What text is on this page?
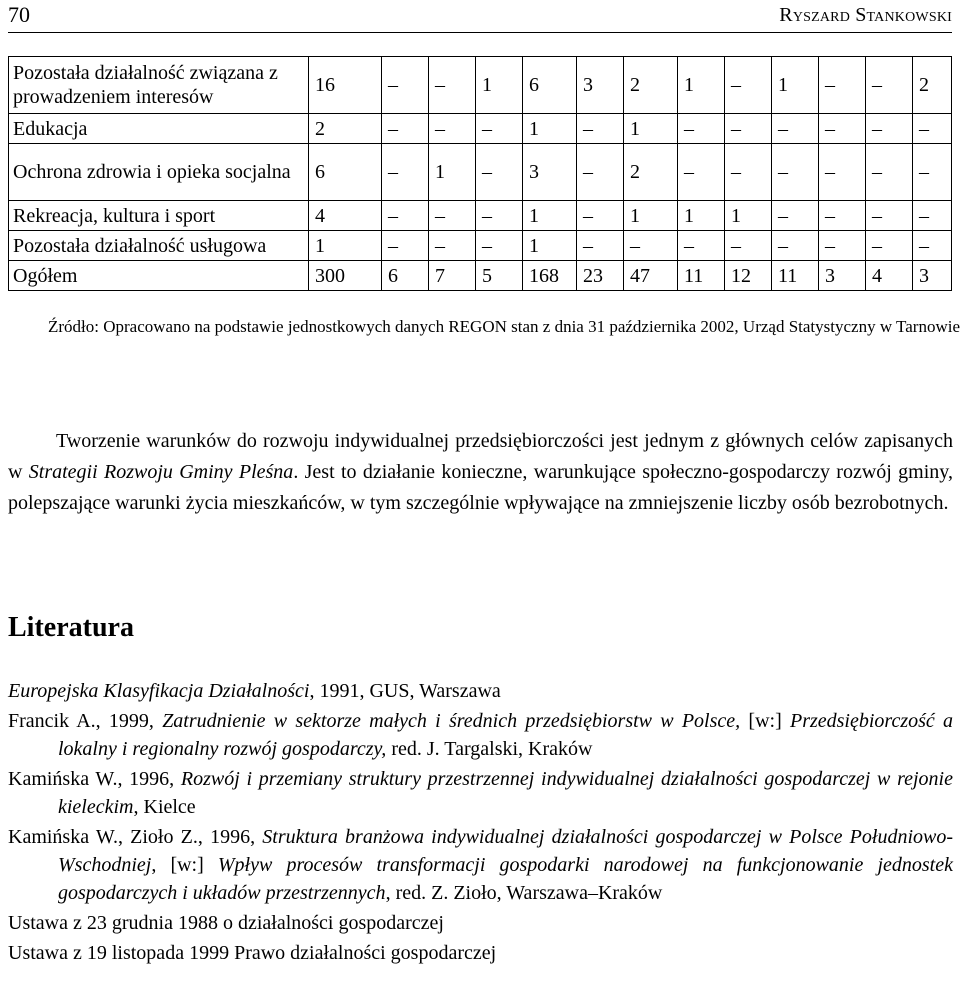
70	Ryszard Stankowski
Pozostała działalność związana z prowadzeniem interesów	16	–	–	1	6	3	2	1	–	1	–	–	2
Edukacja	2	–	–	–	1	–	1	–	–	–	–	–	–
Ochrona zdrowia i opieka socjalna	6	–	1	–	3	–	2	–	–	–	–	–	–
Rekreacja, kultura i sport	4	–	–	–	1	–	1	1	1	–	–	–	–
Pozostała działalność usługowa	1	–	–	–	1	–	–	–	–	–	–	–	–
Ogółem	300	6	7	5	168	23	47	11	12	11	3	4	3
Źródło: Opracowano na podstawie jednostkowych danych REGON stan z dnia 31 października 2002, Urząd Statystyczny w Tarnowie

Tworzenie warunków do rozwoju indywidualnej przedsiębiorczości jest jednym z głównych celów zapisanych w Strategii Rozwoju Gminy Pleśna. Jest to działanie konieczne, warunkujące społeczno-gospodarczy rozwój gminy, polepszające warunki życia mieszkańców, w tym szczególnie wpływające na zmniejszenie liczby osób bezrobotnych.

Literatura

Europejska Klasyfikacja Działalności, 1991, GUS, Warszawa

Francik A., 1999, Zatrudnienie w sektorze małych i średnich przedsiębiorstw w Polsce, [w:] Przedsiębiorczość a lokalny i regionalny rozwój gospodarczy, red. J. Targalski, Kraków

Kamińska W., 1996, Rozwój i przemiany struktury przestrzennej indywidualnej działalności gospodarczej w rejonie kieleckim, Kielce

Kamińska W., Zioło Z., 1996, Struktura branżowa indywidualnej działalności gospodarczej w Polsce Południowo-Wschodniej, [w:] Wpływ procesów transformacji gospodarki narodowej na funkcjonowanie jednostek gospodarczych i układów przestrzennych, red. Z. Zioło, Warszawa–Kraków

Ustawa z 23 grudnia 1988 o działalności gospodarczej

Ustawa z 19 listopada 1999 Prawo działalności gospodarczej
